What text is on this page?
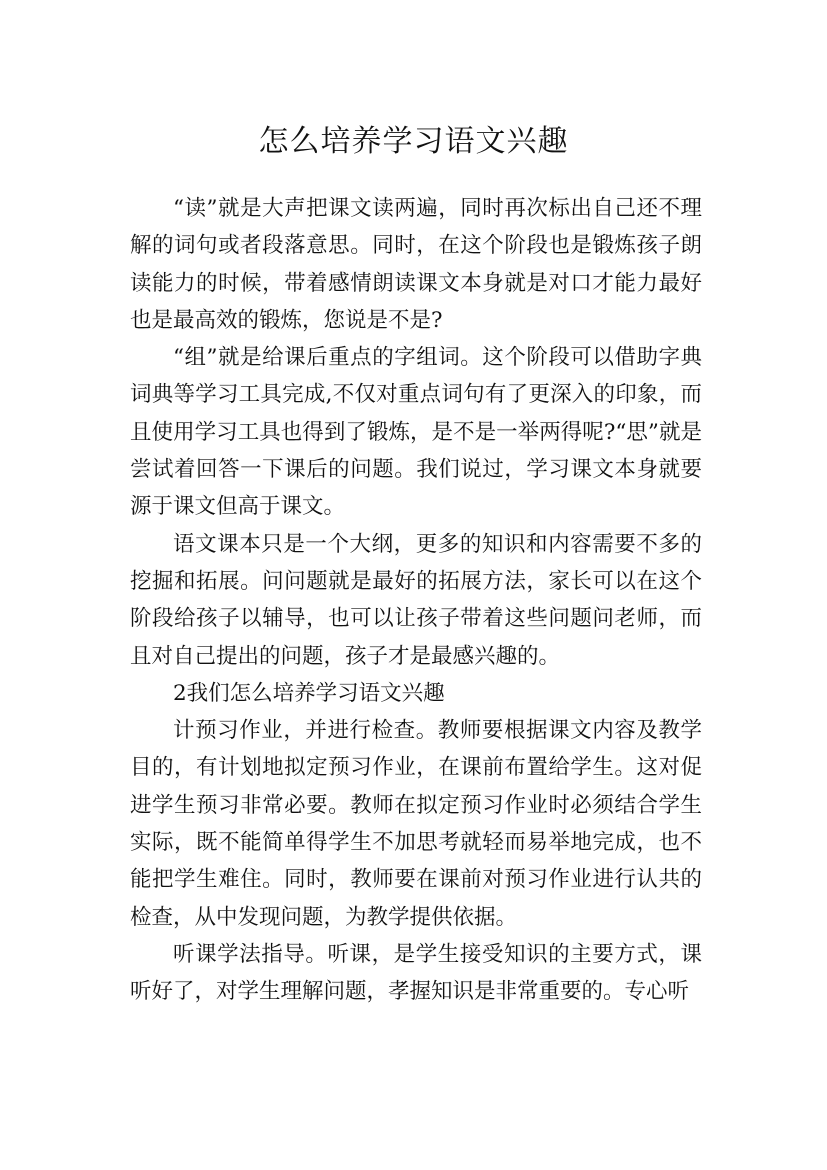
怎么培养学习语文兴趣

“读”就是大声把课文读两遍，同时再次标出自己还不理解的词句或者段落意思。同时，在这个阶段也是锻炼孩子朗读能力的时候，带着感情朗读课文本身就是对口才能力最好也是最高效的锻炼，您说是不是?

“组”就是给课后重点的字组词。这个阶段可以借助字典词典等学习工具完成,不仅对重点词句有了更深入的印象，而且使用学习工具也得到了锻炼，是不是一举两得呢?“思”就是尝试着回答一下课后的问题。我们说过，学习课文本身就要源于课文但高于课文。

语文课本只是一个大纲，更多的知识和内容需要不多的挖掘和拓展。问问题就是最好的拓展方法，家长可以在这个阶段给孩子以辅导，也可以让孩子带着这些问题问老师，而且对自己提出的问题，孩子才是最感兴趣的。

2我们怎么培养学习语文兴趣

计预习作业，并进行检查。教师要根据课文内容及教学目的，有计划地拟定预习作业，在课前布置给学生。这对促进学生预习非常必要。教师在拟定预习作业时必须结合学生实际，既不能简单得学生不加思考就轻而易举地完成，也不能把学生难住。同时，教师要在课前对预习作业进行认共的检查，从中发现问题，为教学提供依据。

听课学法指导。听课，是学生接受知识的主要方式，课听好了，对学生理解问题，孝握知识是非常重要的。专心听
